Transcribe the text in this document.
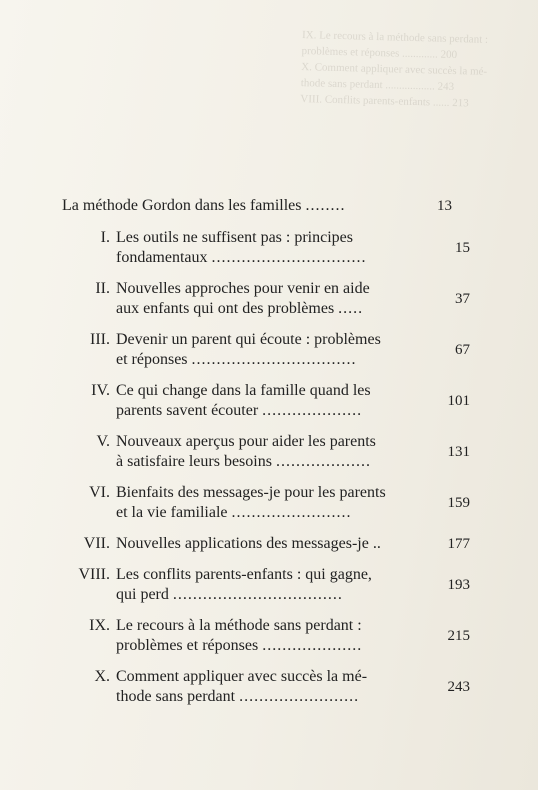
IX. Le recours à la méthode sans perdant :
problèmes et réponses ............. 200
X. Comment appliquer avec succès la mé-
thode sans perdant .................. 243
VIII. Conflits parents-enfants ...... 213
La méthode Gordon dans les familles ........	13
I. Les outils ne suffisent pas : principes
fondamentaux ...............................
15
II. Nouvelles approches pour venir en aide
aux enfants qui ont des problèmes .....
37
III. Devenir un parent qui écoute : problèmes
et réponses .................................
67
IV. Ce qui change dans la famille quand les
parents savent écouter ....................
101
V. Nouveaux aperçus pour aider les parents
à satisfaire leurs besoins ...................
131
VI. Bienfaits des messages-je pour les parents
et la vie familiale ........................
159
VII. Nouvelles applications des messages-je ..	177
VIII. Les conflits parents-enfants : qui gagne,
qui perd ..................................
193
IX. Le recours à la méthode sans perdant :
problèmes et réponses ....................
215
X. Comment appliquer avec succès la mé-
thode sans perdant ........................
243
